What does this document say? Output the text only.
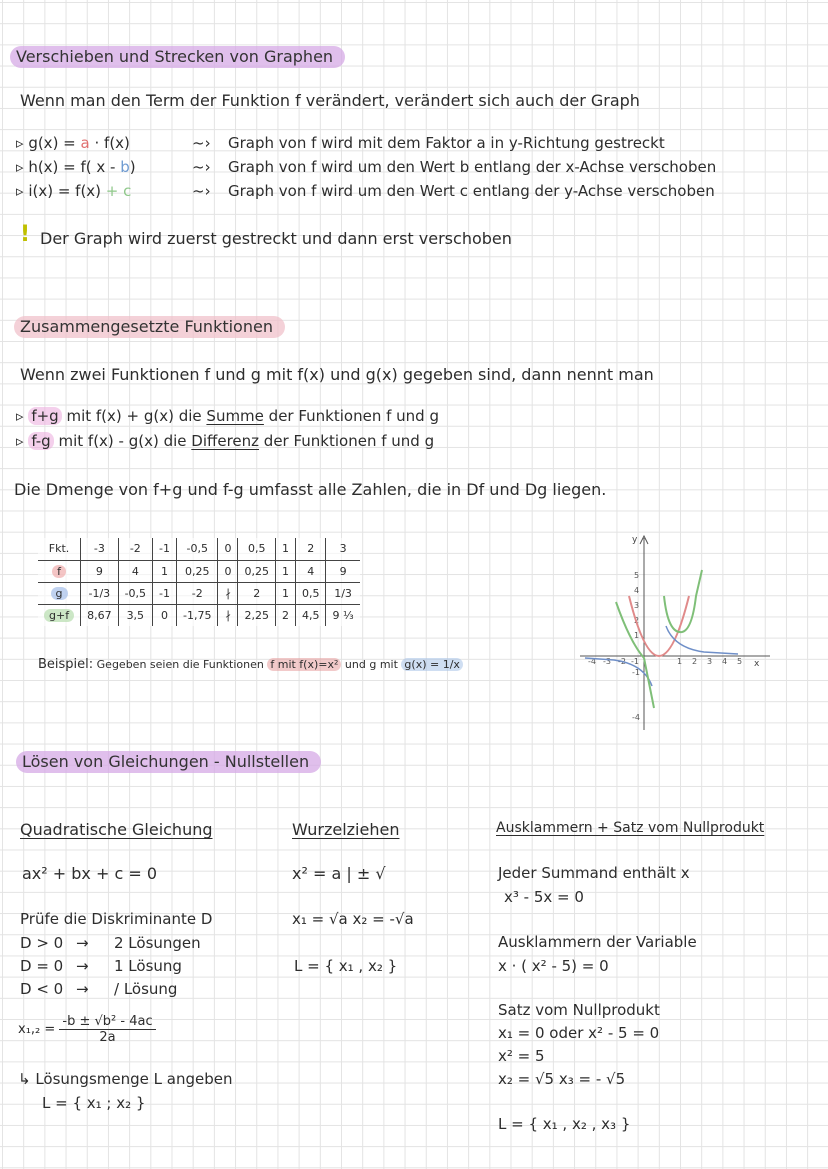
Verschieben und Strecken von Graphen
Wenn man den Term der Funktion f verändert, verändert sich auch der Graph
▹ g(x) = a · f(x)	~› Graph von f wird mit dem Faktor a in y-Richtung gestreckt
▹ h(x) = f( x - b)	~› Graph von f wird um den Wert b entlang der x-Achse verschoben
▹ i(x) = f(x) + c	~› Graph von f wird um den Wert c entlang der y-Achse verschoben
! Der Graph wird zuerst gestreckt und dann erst verschoben
Zusammengesetzte Funktionen
Wenn zwei Funktionen f und g mit f(x) und g(x) gegeben sind, dann nennt man
▹ f+g mit f(x) + g(x) die Summe der Funktionen f und g
▹ f-g mit f(x) - g(x) die Differenz der Funktionen f und g
Die Dmenge von f+g und f-g umfasst alle Zahlen, die in Df und Dg liegen.
Fkt.	-3	-2	-1	-0,5	0	0,5	1	2	3
f	9	4	1	0,25	0	0,25	1	4	9
g	-1/3	-0,5	-1	-2	∤	2	1	0,5	1/3
g+f	8,67	3,5	0	-1,75	∤	2,25	2	4,5	9 ⅓
Beispiel: Gegeben seien die Funktionen f mit f(x)=x² und g mit g(x) = 1/x
y
x
-4 -3 -2 -1	1 2 3 4 5
5
4
3
2
1
-1
-4
Lösen von Gleichungen - Nullstellen
Quadratische Gleichung
ax² + bx + c = 0
Prüfe die Diskriminante D
D > 0 → 2 Lösungen
D = 0 → 1 Lösung
D < 0 → / Lösung
$x_1,_2 = \frac{\text{-b ± √b² - 4ac}}{2a}$
↳ Lösungsmenge L angeben
L = { x₁ ; x₂ }
Wurzelziehen
x² = a | ± √
x₁ = √a x₂ = -√a
L = { x₁ , x₂ }
Ausklammern + Satz vom Nullprodukt
Jeder Summand enthält x
x³ - 5x = 0
Ausklammern der Variable
x · ( x² - 5) = 0
Satz vom Nullprodukt
x₁ = 0 oder x² - 5 = 0
x² = 5
x₂ = √5 x₃ = - √5
L = { x₁ , x₂ , x₃ }
